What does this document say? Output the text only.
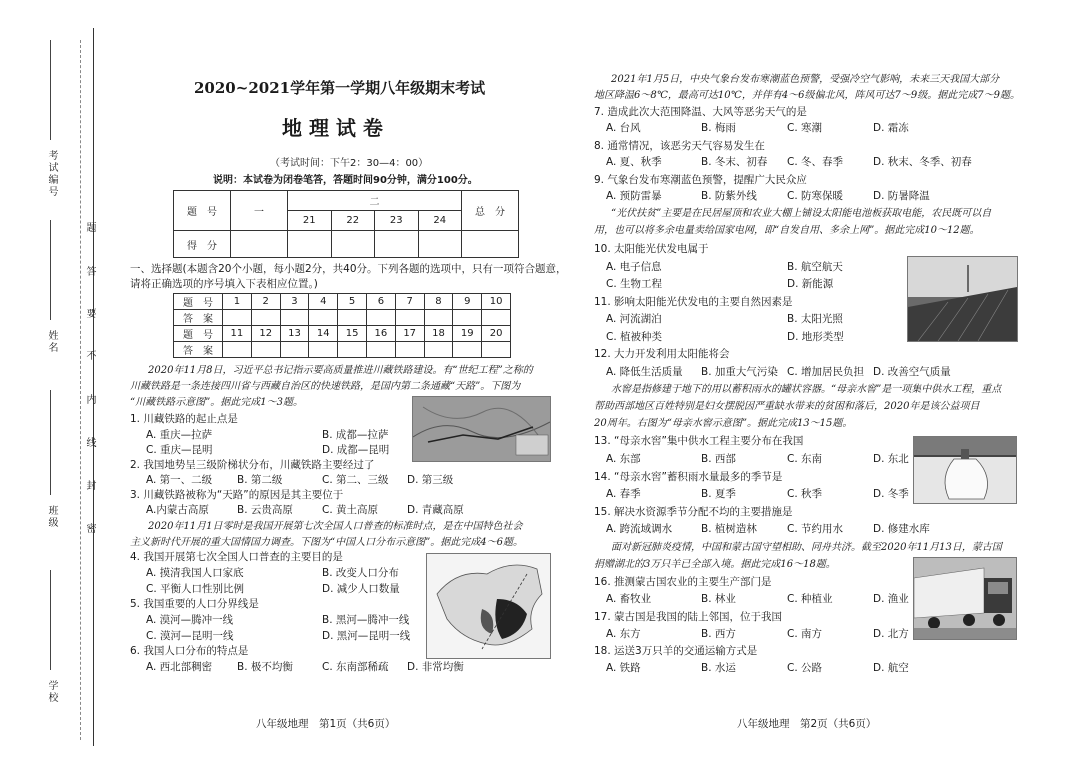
考试编号
姓名
班级
学校
题
答
要
不
内
线
封
密
2020~2021学年第一学期八年级期末考试
地 理 试 卷
（考试时间：下午2：30—4：00）
说明：本试卷为闭卷笔答，答题时间90分钟，满分100分。
题　号	一	二				总　分
		21	22	23	24	
得　分						
一、选择题(本题含20个小题，每小题2分，共40分。下列各题的选项中，只有一项符合题意，
请将正确选项的序号填入下表相应位置。)
题　号	1	2	3	4	5	6	7	8	9	10
答　案										
题　号	11	12	13	14	15	16	17	18	19	20
答　案										
2020年11月8日，习近平总书记指示要高质量推进川藏铁路建设。有“世纪工程”之称的
川藏铁路是一条连接四川省与西藏自治区的快速铁路，是国内第二条通藏“天路”。下图为
“川藏铁路示意图”。据此完成1～3题。
1. 川藏铁路的起止点是
A. 重庆—拉萨	B. 成都—拉萨
C. 重庆—昆明	D. 成都—昆明
2. 我国地势呈三级阶梯状分布，川藏铁路主要经过了
A. 第一、二级 B. 第二级	C. 第二、三级 D. 第三级
3. 川藏铁路被称为“天路”的原因是其主要位于
A.内蒙古高原	B. 云贵高原	C. 黄土高原	D. 青藏高原
2020年11月1日零时是我国开展第七次全国人口普查的标准时点，是在中国特色社会
主义新时代开展的重大国情国力调查。下图为“中国人口分布示意图”。据此完成4～6题。
4. 我国开展第七次全国人口普查的主要目的是
A. 摸清我国人口家底	B. 改变人口分布
C. 平衡人口性别比例	D. 减少人口数量
5. 我国重要的人口分界线是
A. 漠河—腾冲一线	B. 黑河—腾冲一线
C. 漠河—昆明一线	D. 黑河—昆明一线
6. 我国人口分布的特点是
A. 西北部稠密 B. 极不均衡	C. 东南部稀疏 D. 非常均衡
八年级地理　第1页（共6页）
2021年1月5日，中央气象台发布寒潮蓝色预警，受强冷空气影响，未来三天我国大部分
地区降温6～8℃，最高可达10℃，并伴有4～6级偏北风，阵风可达7～9级。据此完成7～9题。
7. 造成此次大范围降温、大风等恶劣天气的是
A. 台风	B. 梅雨	C. 寒潮	D. 霜冻
8. 通常情况，该恶劣天气容易发生在
A. 夏、秋季	B. 冬末、初春 C. 冬、春季	D. 秋末、冬季、初春
9. 气象台发布寒潮蓝色预警，提醒广大民众应
A. 预防雷暴	B. 防紫外线	C. 防寒保暖	D. 防暑降温
“光伏扶贫”主要是在民居屋顶和农业大棚上铺设太阳能电池板获取电能，农民既可以自
用，也可以将多余电量卖给国家电网，即“自发自用、多余上网”。据此完成10～12题。
10. 太阳能光伏发电属于
A. 电子信息	B. 航空航天
C. 生物工程	D. 新能源
11. 影响太阳能光伏发电的主要自然因素是
A. 河流湖泊	B. 太阳光照
C. 植被种类	D. 地形类型
12. 大力开发利用太阳能将会
A. 降低生活质量 B. 加重大气污染 C. 增加居民负担 D. 改善空气质量
水窖是指修建于地下的用以蓄积雨水的罐状容器。“母亲水窖”是一项集中供水工程，重点
帮助西部地区百姓特别是妇女摆脱因严重缺水带来的贫困和落后，2020年是该公益项目
20周年。右图为“母亲水窖示意图”。据此完成13～15题。
13. “母亲水窖”集中供水工程主要分布在我国
A. 东部	B. 西部	C. 东南	D. 东北
14. “母亲水窖”蓄积雨水量最多的季节是
A. 春季	B. 夏季	C. 秋季	D. 冬季
15. 解决水资源季节分配不均的主要措施是
A. 跨流域调水	B. 植树造林	C. 节约用水	D. 修建水库
面对新冠肺炎疫情，中国和蒙古国守望相助、同舟共济。截至2020年11月13日，蒙古国
捐赠湖北的3万只羊已全部入境。据此完成16～18题。
16. 推测蒙古国农业的主要生产部门是
A. 畜牧业	B. 林业	C. 种植业	D. 渔业
17. 蒙古国是我国的陆上邻国，位于我国
A. 东方	B. 西方	C. 南方	D. 北方
18. 运送3万只羊的交通运输方式是
A. 铁路	B. 水运	C. 公路	D. 航空
八年级地理　第2页（共6页）
